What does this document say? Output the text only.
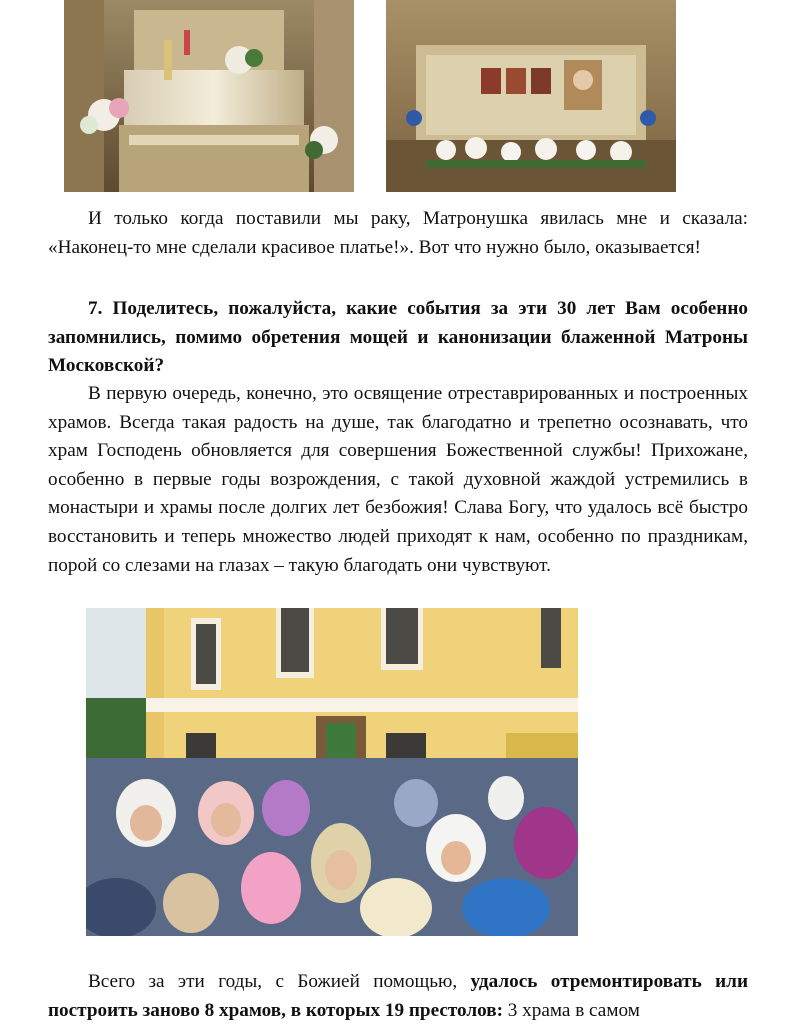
И только когда поставили мы раку, Матронушка явилась мне и сказала: «Наконец-то мне сделали красивое платье!». Вот что нужно было, оказывается!
7. Поделитесь, пожалуйста, какие события за эти 30 лет Вам особенно запомнились, помимо обретения мощей и канонизации блаженной Матроны Московской?
В первую очередь, конечно, это освящение отреставрированных и построенных храмов. Всегда такая радость на душе, так благодатно и трепетно осознавать, что храм Господень обновляется для совершения Божественной службы! Прихожане, особенно в первые годы возрождения, с такой духовной жаждой устремились в монастыри и храмы после долгих лет безбожия! Слава Богу, что удалось всё быстро восстановить и теперь множество людей приходят к нам, особенно по праздникам, порой со слезами на глазах – такую благодать они чувствуют.
Всего за эти годы, с Божией помощью, удалось отремонтировать или построить заново 8 храмов, в которых 19 престолов: 3 храма в самом
